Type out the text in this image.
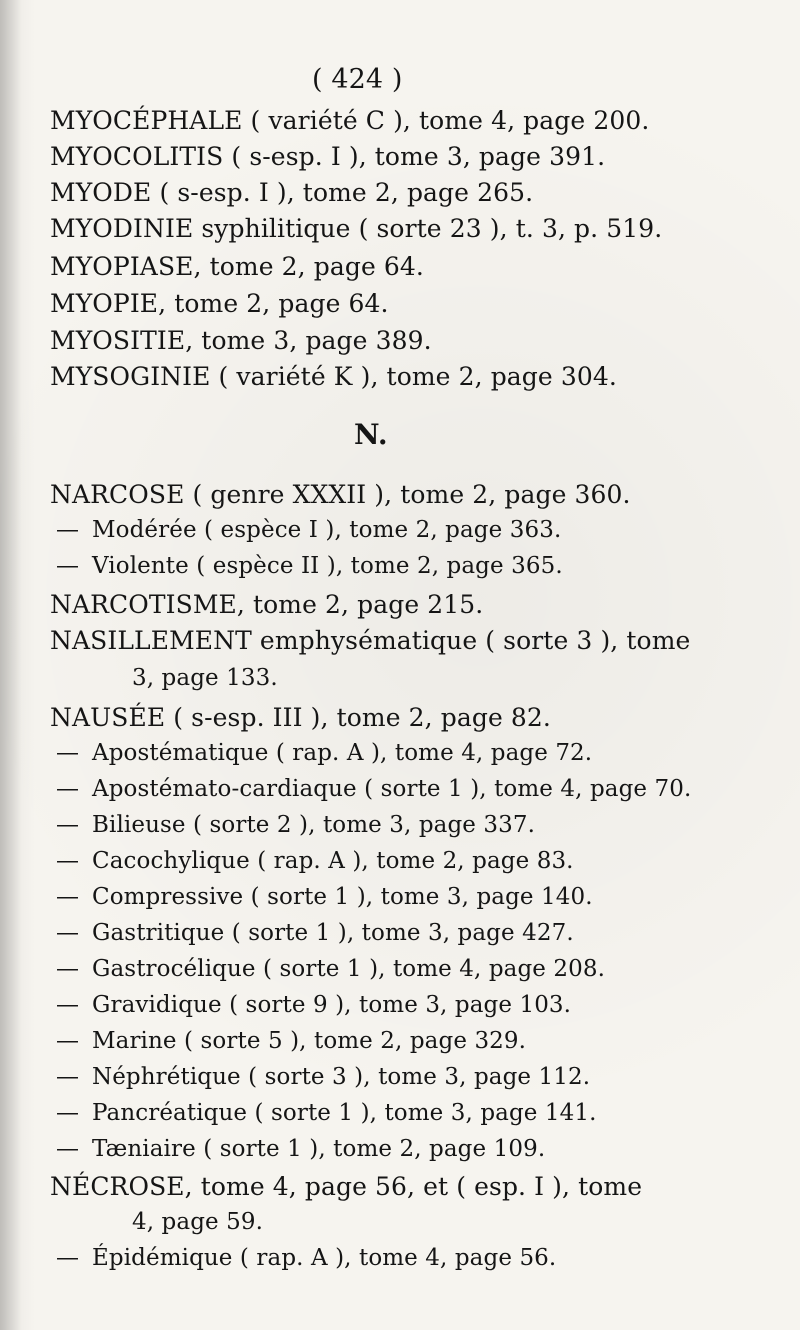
( 424 )
MYOCÉPHALE ( variété C ), tome 4, page 200.
MYOCOLITIS ( s-esp. I ), tome 3, page 391.
MYODE ( s-esp. I ), tome 2, page 265.
MYODINIE syphilitique ( sorte 23 ), t. 3, p. 519.
MYOPIASE, tome 2, page 64.
MYOPIE, tome 2, page 64.
MYOSITIE, tome 3, page 389.
MYSOGINIE ( variété K ), tome 2, page 304.
N.
NARCOSE ( genre XXXII ), tome 2, page 360.
— Modérée ( espèce I ), tome 2, page 363.
— Violente ( espèce II ), tome 2, page 365.
NARCOTISME, tome 2, page 215.
NASILLEMENT emphysématique ( sorte 3 ), tome
3, page 133.
NAUSÉE ( s-esp. III ), tome 2, page 82.
— Apostématique ( rap. A ), tome 4, page 72.
— Apostémato-cardiaque ( sorte 1 ), tome 4, page 70.
— Bilieuse ( sorte 2 ), tome 3, page 337.
— Cacochylique ( rap. A ), tome 2, page 83.
— Compressive ( sorte 1 ), tome 3, page 140.
— Gastritique ( sorte 1 ), tome 3, page 427.
— Gastrocélique ( sorte 1 ), tome 4, page 208.
— Gravidique ( sorte 9 ), tome 3, page 103.
— Marine ( sorte 5 ), tome 2, page 329.
— Néphrétique ( sorte 3 ), tome 3, page 112.
— Pancréatique ( sorte 1 ), tome 3, page 141.
— Tæniaire ( sorte 1 ), tome 2, page 109.
NÉCROSE, tome 4, page 56, et ( esp. I ), tome
4, page 59.
— Épidémique ( rap. A ), tome 4, page 56.
